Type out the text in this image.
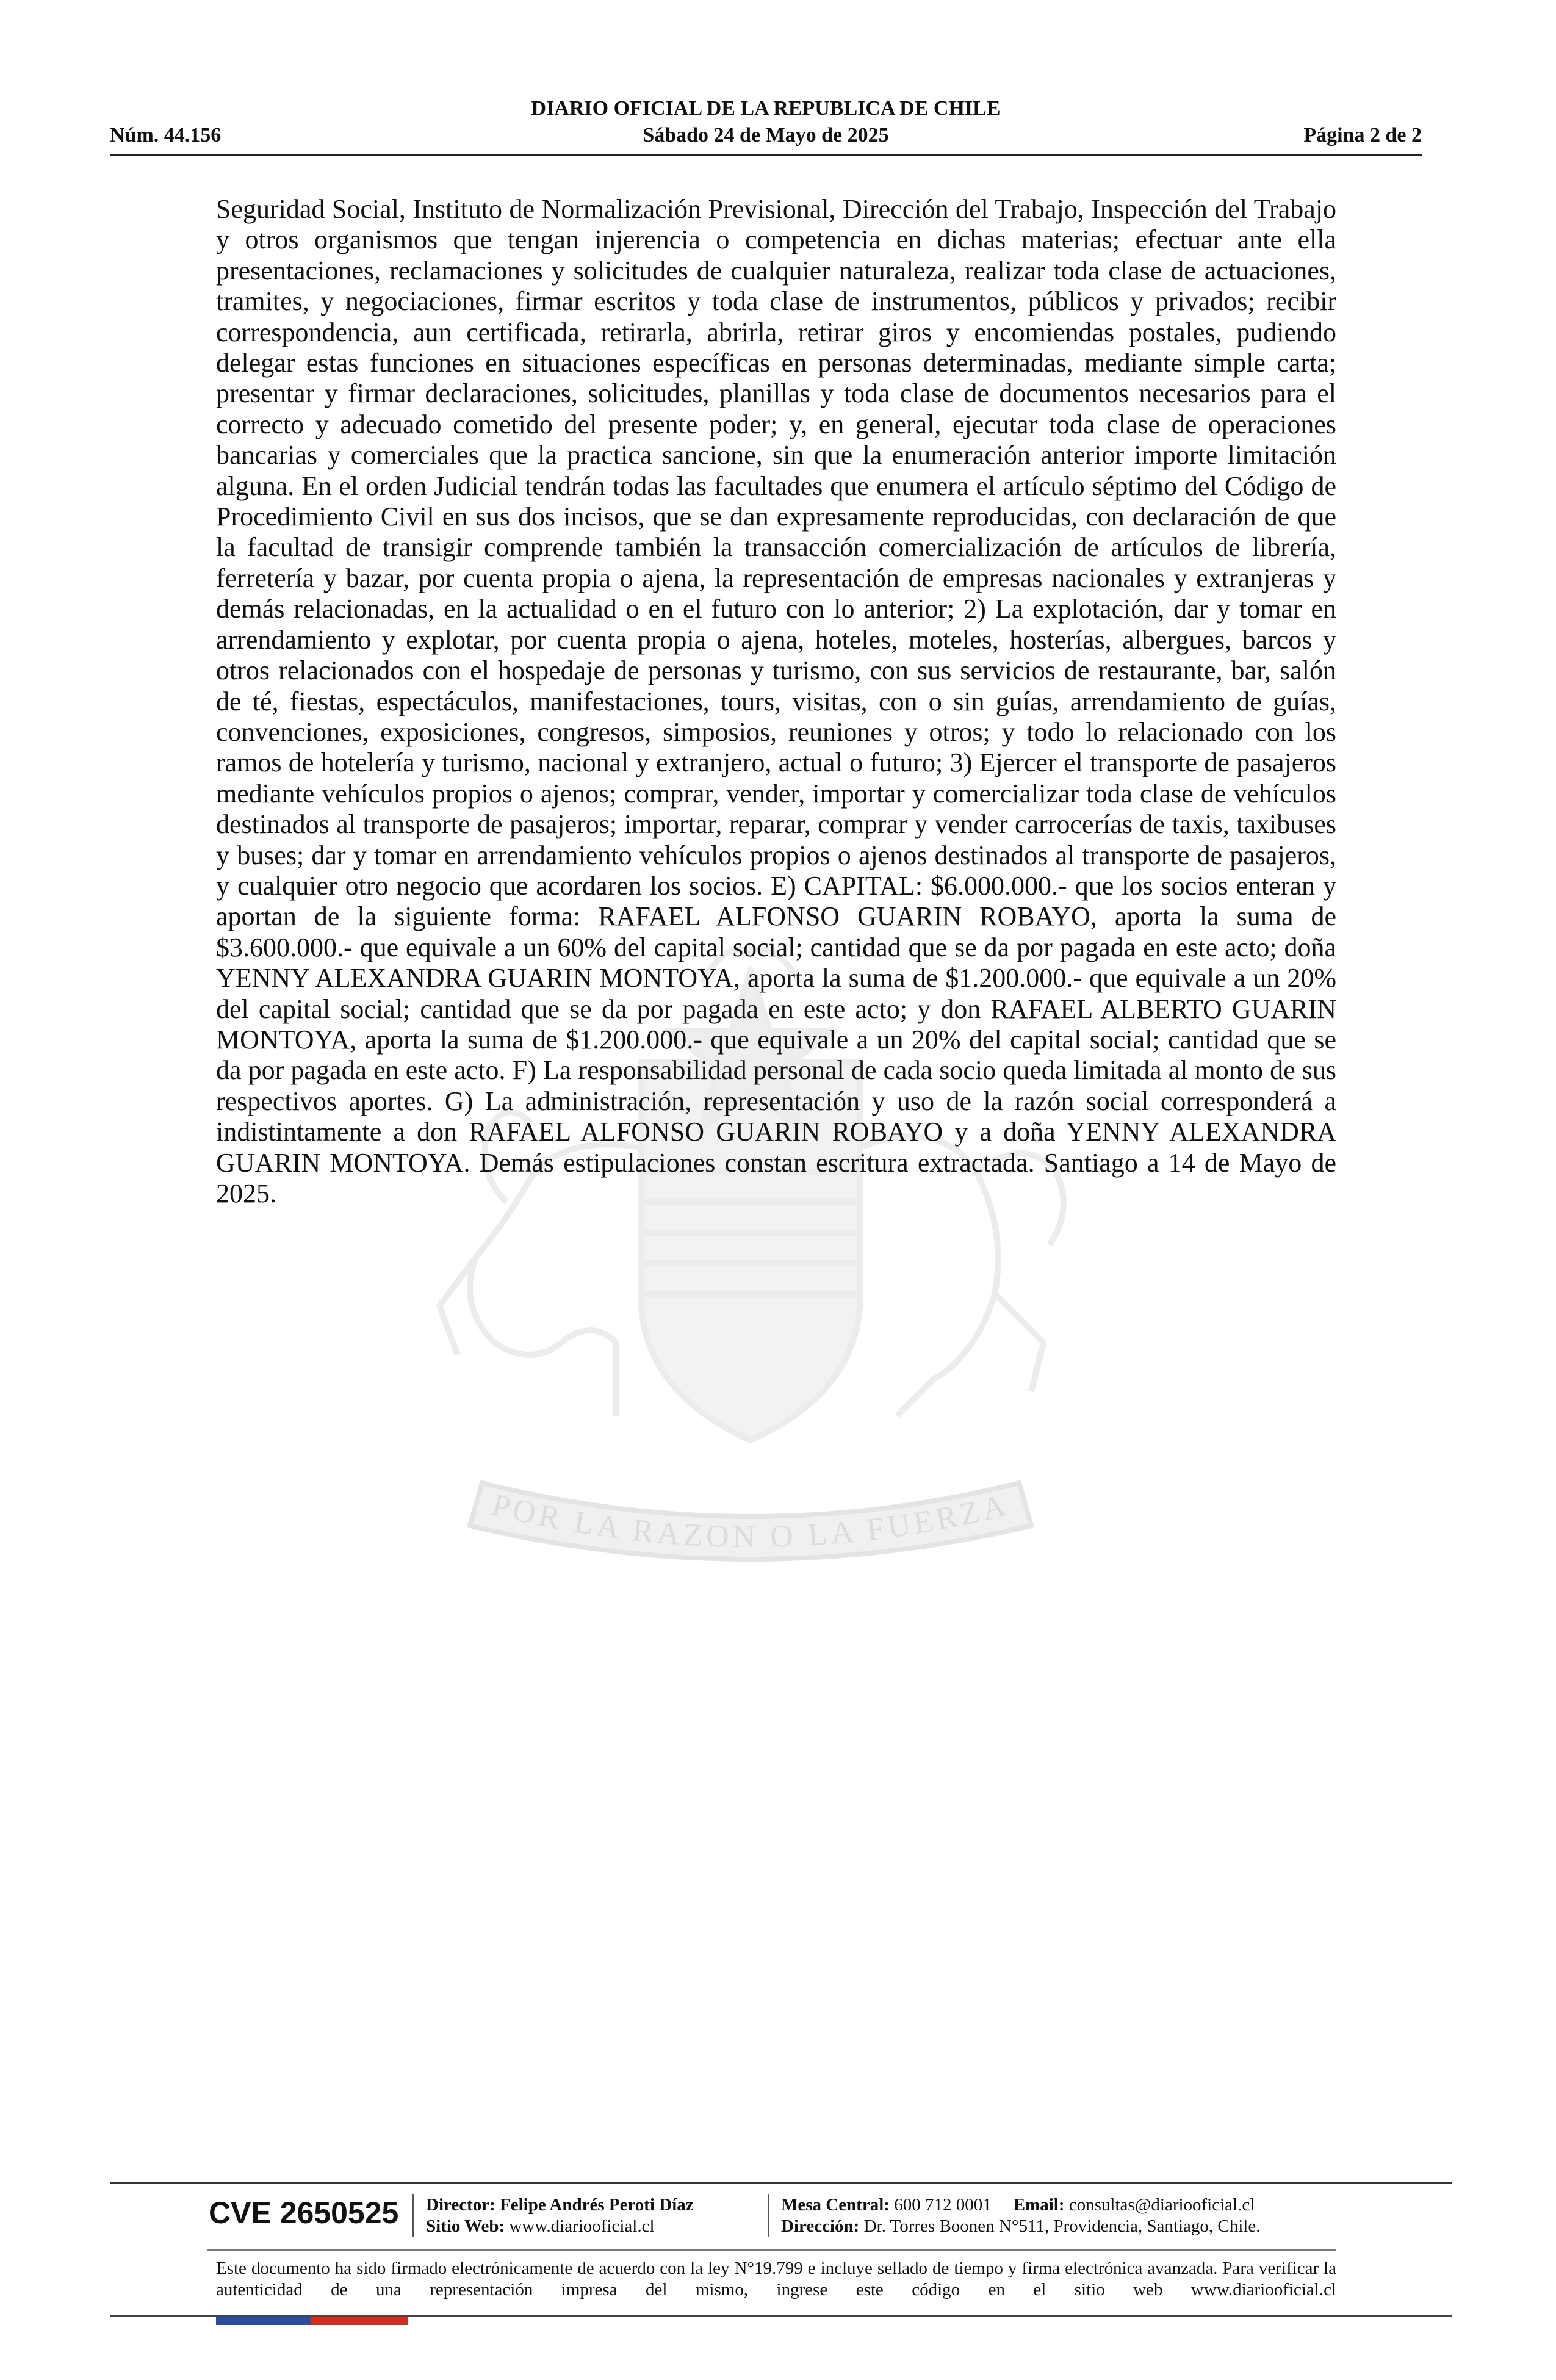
DIARIO OFICIAL DE LA REPUBLICA DE CHILE
Núm. 44.156	Sábado 24 de Mayo de 2025	Página 2 de 2
POR LA RAZON O LA FUERZA
Seguridad Social, Instituto de Normalización Previsional, Dirección del Trabajo, Inspección del Trabajo y otros organismos que tengan injerencia o competencia en dichas materias; efectuar ante ella presentaciones, reclamaciones y solicitudes de cualquier naturaleza, realizar toda clase de actuaciones, tramites, y negociaciones, firmar escritos y toda clase de instrumentos, públicos y privados; recibir correspondencia, aun certificada, retirarla, abrirla, retirar giros y encomiendas postales, pudiendo delegar estas funciones en situaciones específicas en personas determinadas, mediante simple carta; presentar y firmar declaraciones, solicitudes, planillas y toda clase de documentos necesarios para el correcto y adecuado cometido del presente poder; y, en general, ejecutar toda clase de operaciones bancarias y comerciales que la practica sancione, sin que la enumeración anterior importe limitación alguna. En el orden Judicial tendrán todas las facultades que enumera el artículo séptimo del Código de Procedimiento Civil en sus dos incisos, que se dan expresamente reproducidas, con declaración de que la facultad de transigir comprende también la transacción comercialización de artículos de librería, ferretería y bazar, por cuenta propia o ajena, la representación de empresas nacionales y extranjeras y demás relacionadas, en la actualidad o en el futuro con lo anterior; 2) La explotación, dar y tomar en arrendamiento y explotar, por cuenta propia o ajena, hoteles, moteles, hosterías, albergues, barcos y otros relacionados con el hospedaje de personas y turismo, con sus servicios de restaurante, bar, salón de té, fiestas, espectáculos, manifestaciones, tours, visitas, con o sin guías, arrendamiento de guías, convenciones, exposiciones, congresos, simposios, reuniones y otros; y todo lo relacionado con los ramos de hotelería y turismo, nacional y extranjero, actual o futuro; 3) Ejercer el transporte de pasajeros mediante vehículos propios o ajenos; comprar, vender, importar y comercializar toda clase de vehículos destinados al transporte de pasajeros; importar, reparar, comprar y vender carrocerías de taxis, taxibuses y buses; dar y tomar en arrendamiento vehículos propios o ajenos destinados al transporte de pasajeros, y cualquier otro negocio que acordaren los socios. E) CAPITAL: $6.000.000.- que los socios enteran y aportan de la siguiente forma: RAFAEL ALFONSO GUARIN ROBAYO, aporta la suma de $3.600.000.- que equivale a un 60% del capital social; cantidad que se da por pagada en este acto; doña YENNY ALEXANDRA GUARIN MONTOYA, aporta la suma de $1.200.000.- que equivale a un 20% del capital social; cantidad que se da por pagada en este acto; y don RAFAEL ALBERTO GUARIN MONTOYA, aporta la suma de $1.200.000.- que equivale a un 20% del capital social; cantidad que se da por pagada en este acto. F) La responsabilidad personal de cada socio queda limitada al monto de sus respectivos aportes. G) La administración, representación y uso de la razón social corresponderá a indistintamente a don RAFAEL ALFONSO GUARIN ROBAYO y a doña YENNY ALEXANDRA GUARIN MONTOYA. Demás estipulaciones constan escritura extractada. Santiago a 14 de Mayo de 2025.
CVE 2650525 Director: Felipe Andrés Peroti Díaz
Sitio Web: www.diariooficial.cl
Mesa Central: 600 712 0001 Email: consultas@diariooficial.cl
Dirección: Dr. Torres Boonen N°511, Providencia, Santiago, Chile.
Este documento ha sido firmado electrónicamente de acuerdo con la ley N°19.799 e incluye sellado de tiempo y firma electrónica avanzada. Para verificar la autenticidad de una representación impresa del mismo, ingrese este código en el sitio web www.diariooficial.cl
